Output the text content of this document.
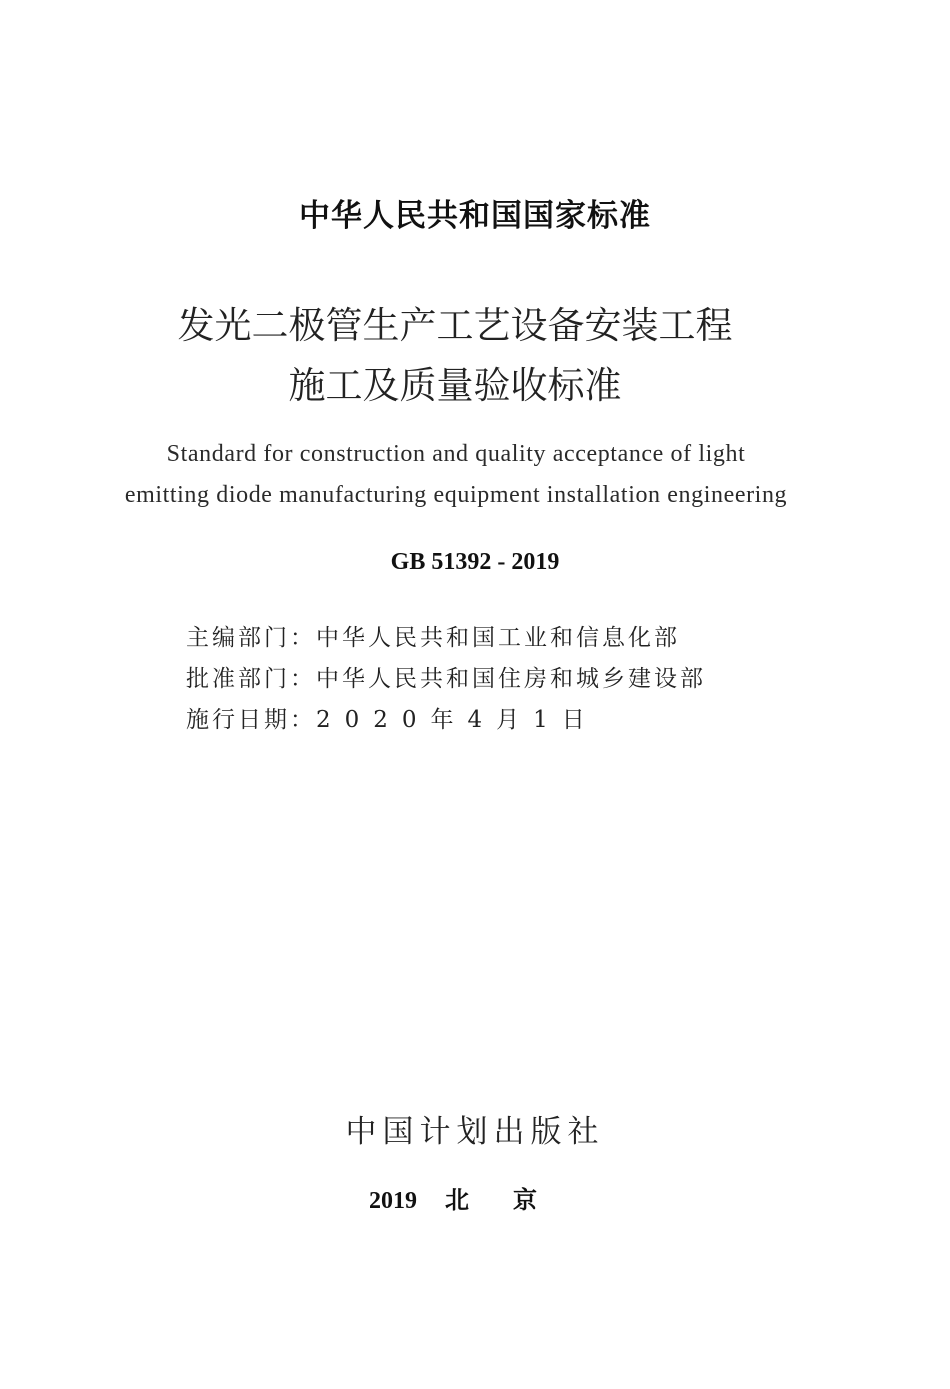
中华人民共和国国家标准
发光二极管生产工艺设备安装工程
施工及质量验收标准
Standard for construction and quality acceptance of light
emitting diode manufacturing equipment installation engineering
GB 51392 - 2019
主编部门：中华人民共和国工业和信息化部
批准部门：中华人民共和国住房和城乡建设部
施行日期：2020年4月1日
中国计划出版社
2019 北京
